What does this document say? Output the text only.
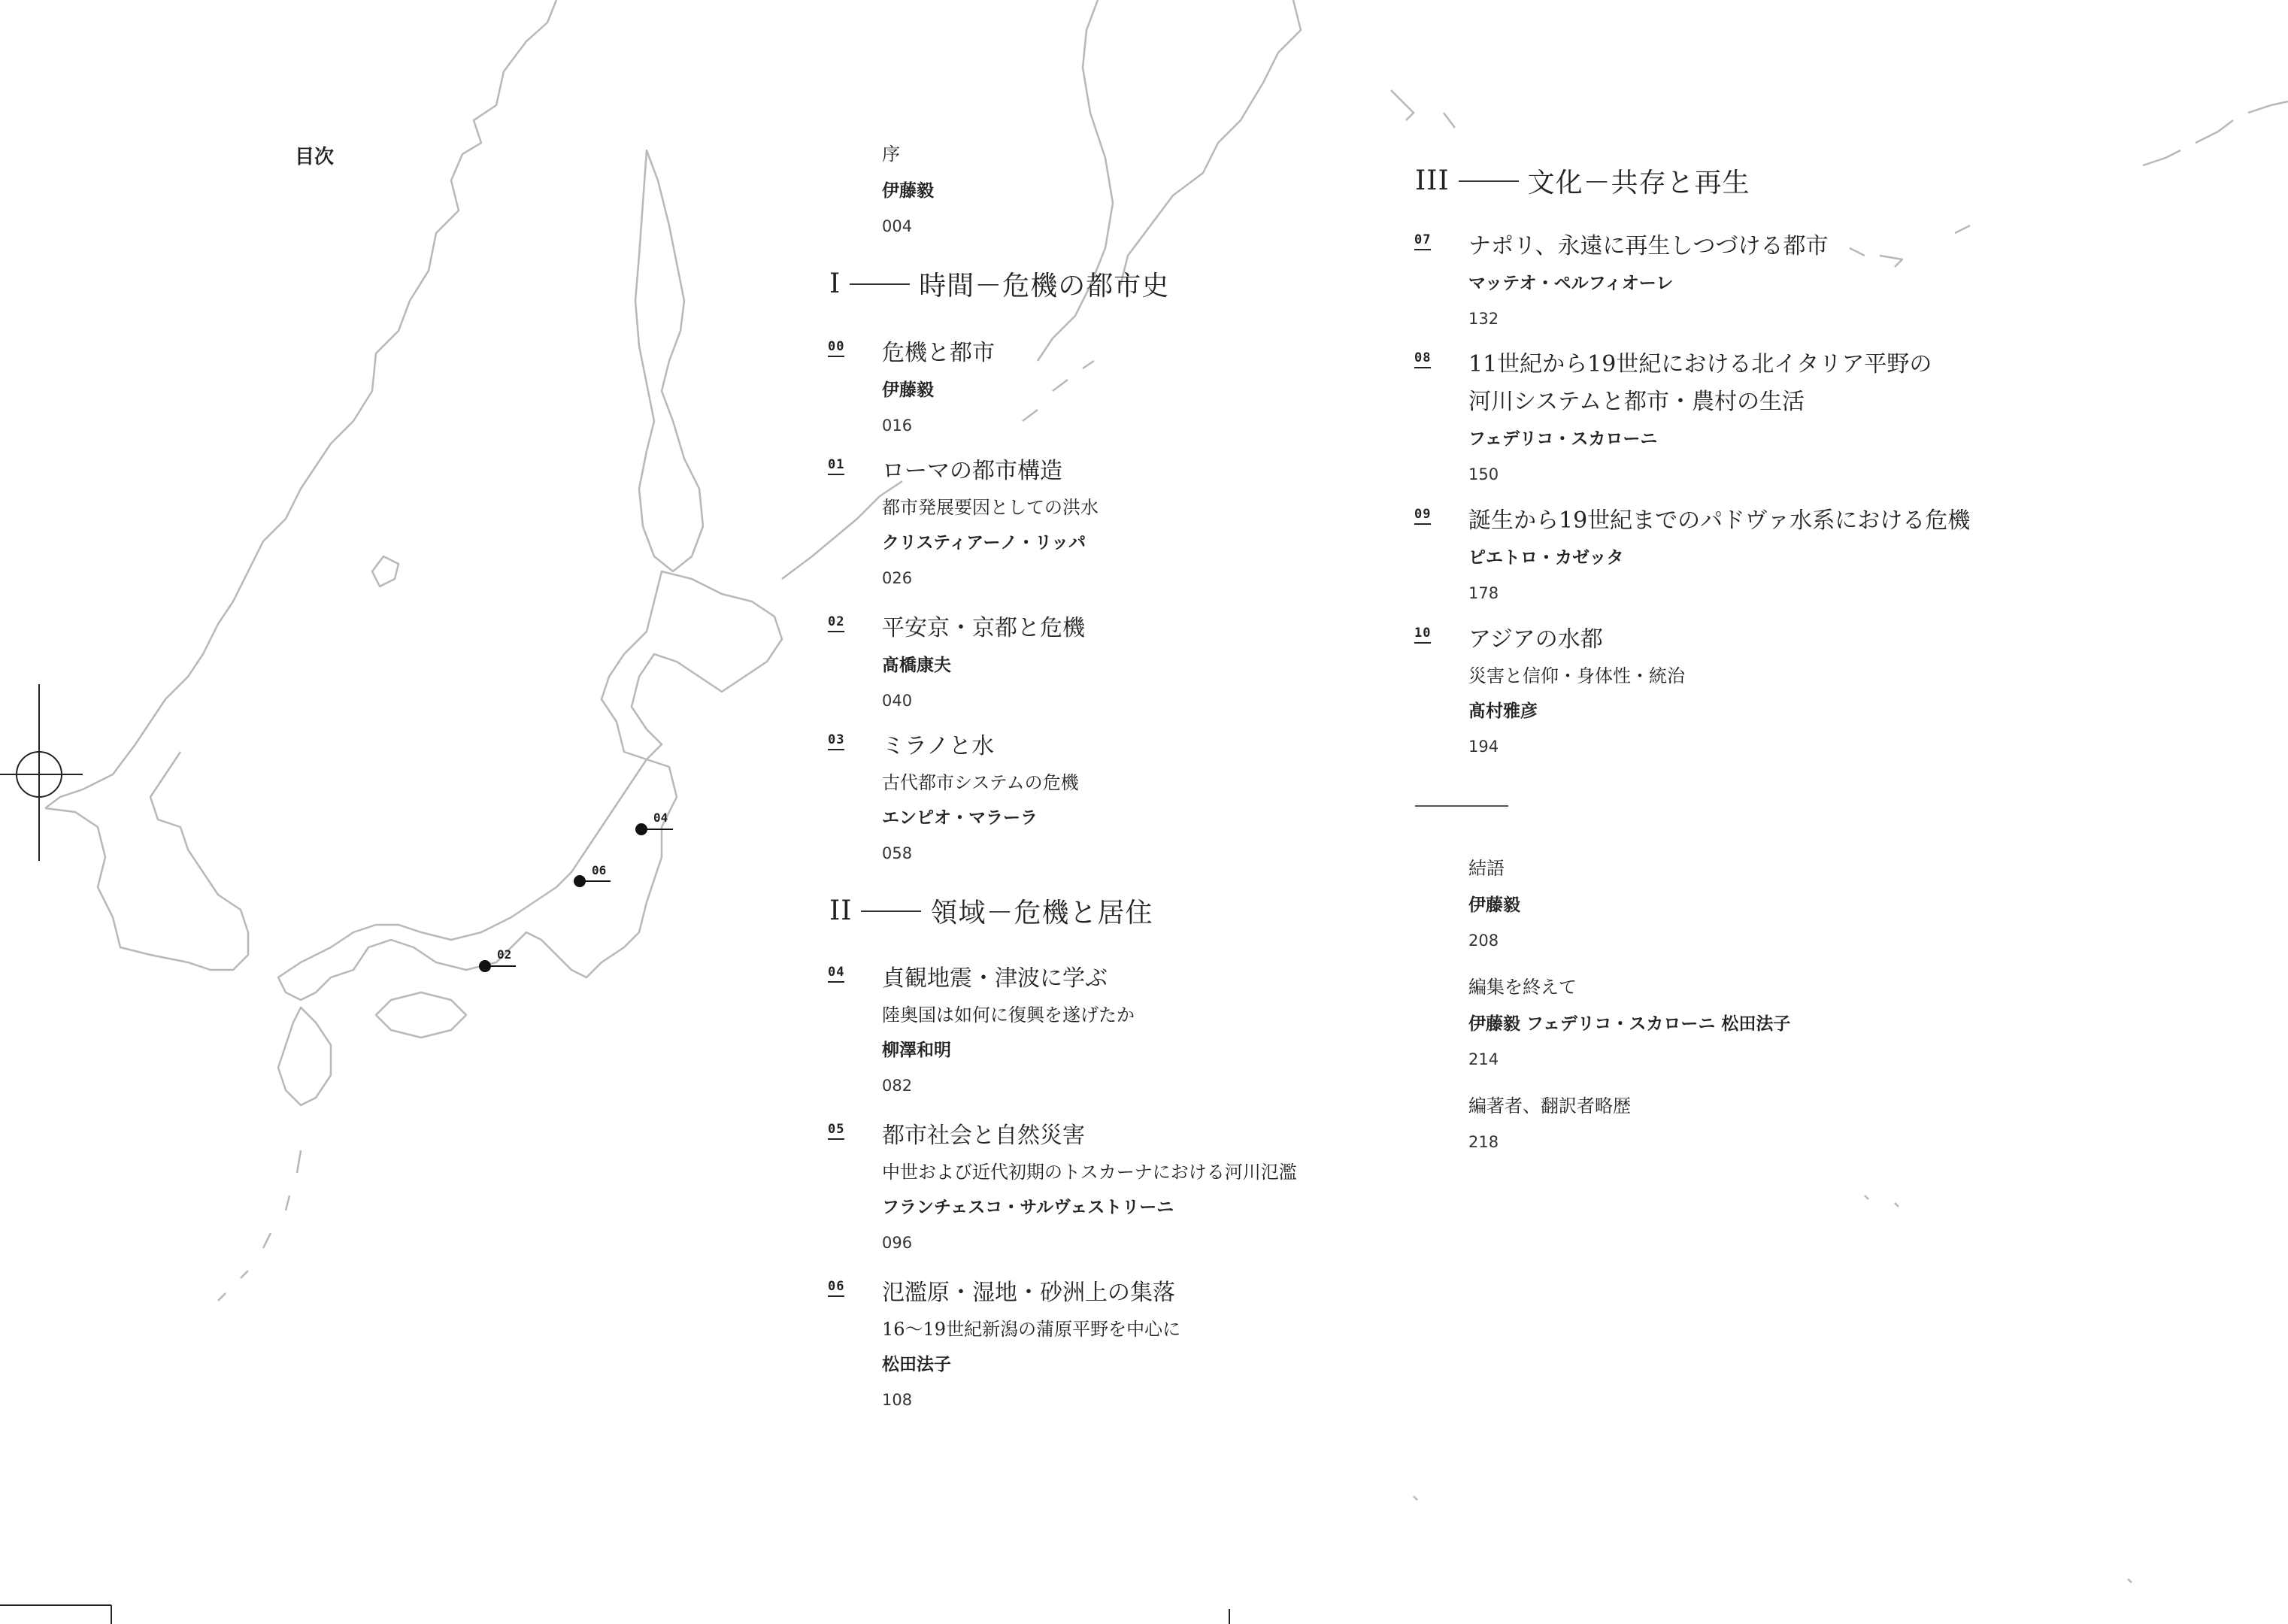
04
06
02
目次	序
伊藤毅
004
I	時間－危機の都市史
00 危機と都市
伊藤毅
016
01 ローマの都市構造
都市発展要因としての洪水
クリスティアーノ・リッパ
026
02 平安京・京都と危機
髙橋康夫
040
03 ミラノと水
古代都市システムの危機
エンピオ・マラーラ
058
II	領域－危機と居住
04 貞観地震・津波に学ぶ
陸奥国は如何に復興を遂げたか
柳澤和明
082
05 都市社会と自然災害
中世および近代初期のトスカーナにおける河川氾濫
フランチェスコ・サルヴェストリーニ
096
06 氾濫原・湿地・砂洲上の集落
16～19世紀新潟の蒲原平野を中心に
松田法子
108
III	文化－共存と再生
07 ナポリ、永遠に再生しつづける都市
マッテオ・ペルフィオーレ
132
08 11世紀から19世紀における北イタリア平野の
河川システムと都市・農村の生活
フェデリコ・スカローニ
150
09 誕生から19世紀までのパドヴァ水系における危機
ピエトロ・カゼッタ
178
10 アジアの水都
災害と信仰・身体性・統治
髙村雅彦
194
結語
伊藤毅
208
編集を終えて
伊藤毅 フェデリコ・スカローニ 松田法子
214
編著者、翻訳者略歴
218
